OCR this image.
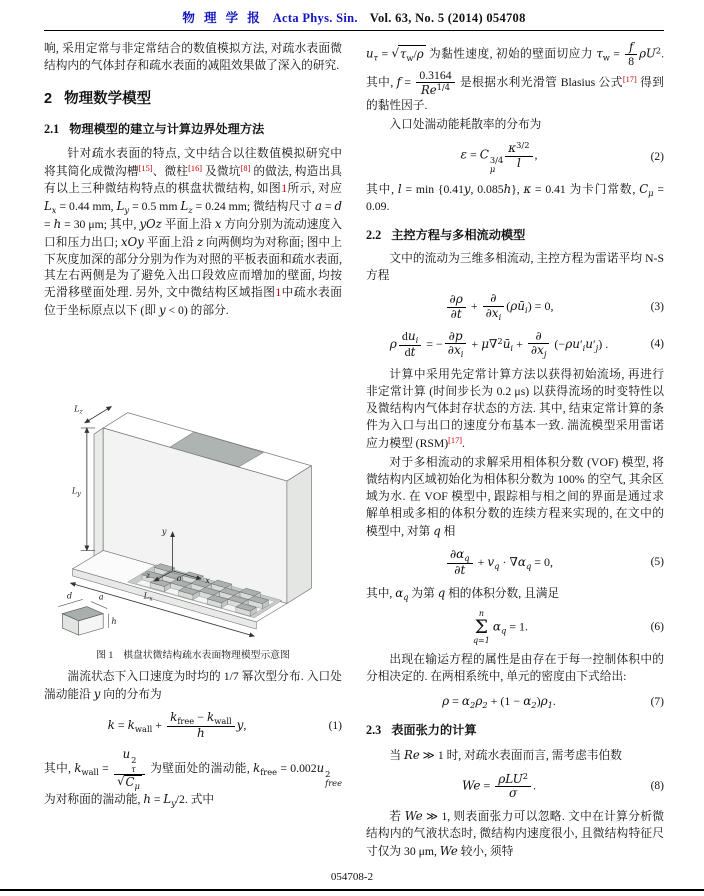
物 理 学 报 Acta Phys. Sin. Vol. 63, No. 5 (2014) 054708

响, 采用定常与非定常结合的数值模拟方法, 对疏水表面微结构内的气体封存和疏水表面的减阻效果做了深入的研究.

2 物理数学模型
2.1 物理模型的建立与计算边界处理方法

针对疏水表面的特点, 文中结合以往数值模拟研究中将其简化成微沟槽[15]、微柱[16] 及微坑[8] 的做法, 构造出具有以上三种微结构特点的棋盘状微结构, 如图1所示, 对应 $L_x = 0.44$ mm, $L_y = 0.5$ mm $L_z = 0.24$ mm; 微结构尺寸 a = d = h = 30 μm; 其中, yOz 平面上沿 x 方向分别为流动速度入口和压力出口; xOy 平面上沿 z 向两侧均为对称面; 图中上下灰度加深的部分分别为作为对照的平板表面和疏水表面, 其左右两侧是为了避免入出口段效应而增加的壁面, 均按无滑移壁面处理. 另外, 文中微结构区域指图1中疏水表面位于坐标原点以下 (即 y < 0) 的部分.

y
x
z	o
$L_y$
$L_z$
$L_x$
d	a
h
图 1 棋盘状微结构疏水表面物理模型示意图

湍流状态下入口速度为时均的 1/7 幂次型分布. 入口处湍动能沿 y 向的分布为

$k = k_{wall} + \frac{k_{free} - k_{wall}}{h} y$,	(1)

其中, $k_{wall} = u$ 2
τ
√ $C_\mu$ 为壁面处的湍动能, $k_{free} = 0.002u$ 2
free
为对称面的湍动能, $h = L_y/2$. 式中

$u_\tau$ = √ $\tau_w/\rho$ 为黏性速度, 初始的壁面切应力 $\tau_w = \frac{f}{8} \rho U^2$. 其中, $f = \frac{0.3164}{Re^{1/4}}$ 是根据水利光滑管 Blasius 公式[17] 得到的黏性因子.

入口处湍动能耗散率的分布为

ε = C 3/4
μ $\frac{\kappa^{3/2}}{l}$ ,	(2)

其中, l = min {0.41y, 0.085h}, κ = 0.41 为卡门常数, $C_\mu = 0.09$.

2.2 主控方程与多相流动模型

文中的流动为三维多相流动, 主控方程为雷诺平均 N-S 方程

$\frac{\partial\rho}{\partial t} + \frac{\partial}{\partial x_i}$ $(\rho ū_i) = 0$,	(3)
ρ $\frac{du_i}{dt}$ = − $\frac{\partial p}{\partial x_i}$ + $\mu\nabla^2ū_i + \frac{\partial}{\partial x_j} (-\rho u'_iu'_j)$ .	(4)

计算中采用先定常计算方法以获得初始流场, 再进行非定常计算 (时间步长为 0.2 μs) 以获得流场的时变特性以及微结构内气体封存状态的方法. 其中, 结束定常计算的条件为入口与出口的速度分布基本一致. 湍流模型采用雷诺应力模型 (RSM)[17].

对于多相流动的求解采用相体积分数 (VOF) 模型, 将微结构内区域初始化为相体积分数为 100% 的空气, 其余区域为水. 在 VOF 模型中, 跟踪相与相之间的界面是通过求解单相或多相的体积分数的连续方程来实现的, 在文中的模型中, 对第 q 相

$\frac{\partial\alpha_q}{\partial t} + v_q \cdot \nabla\alpha_q = 0$,	(5)

其中, $\alpha_q$ 为第 q 相的体积分数, 且满足

n
Σ
q=1
$\alpha_q = 1$.	(6)

出现在输运方程的属性是由存在于每一控制体积中的分相决定的. 在两相系统中, 单元的密度由下式给出:

$\rho = \alpha_2\rho_2 + (1 - \alpha_2)\rho_1$.	(7)
2.3 表面张力的计算

当 Re ≫ 1 时, 对疏水表面而言, 需考虑韦伯数

$We = \frac{\rho LU^2}{\sigma}$ .	(8)

若 We ≫ 1, 则表面张力可以忽略. 文中在计算分析微结构内的气液状态时, 微结构内速度很小, 且微结构特征尺寸仅为 30 μm, We 较小, 须特

054708-2
